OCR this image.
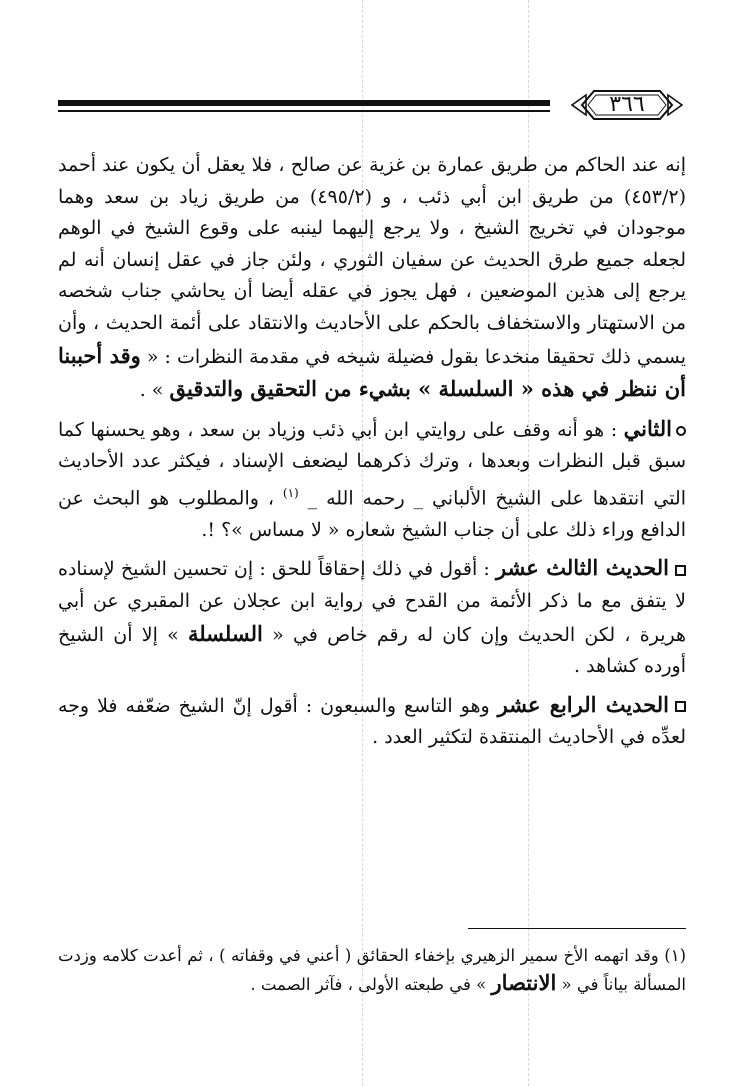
٣٦٦

إنه عند الحاكم من طريق عمارة بن غزية عن صالح ، فلا يعقل أن يكون عند أحمد (٤٥٣/٢) من طريق ابن أبي ذئب ، و (٤٩٥/٢) من طريق زياد بن سعد وهما موجودان في تخريج الشيخ ، ولا يرجع إليهما لينبه على وقوع الشيخ في الوهم لجعله جميع طرق الحديث عن سفيان الثوري ، ولئن جاز في عقل إنسان أنه لم يرجع إلى هذين الموضعين ، فهل يجوز في عقله أيضا أن يحاشي جناب شخصه من الاستهتار والاستخفاف بالحكم على الأحاديث والانتقاد على أئمة الحديث ، وأن يسمي ذلك تحقيقا منخدعا بقول فضيلة شيخه في مقدمة النظرات : « وقد أحببنا أن ننظر في هذه « السلسلة » بشيء من التحقيق والتدقيق » .

الثاني : هو أنه وقف على روايتي ابن أبي ذئب وزياد بن سعد ، وهو يحسنها كما سبق قبل النظرات وبعدها ، وترك ذكرهما ليضعف الإسناد ، فيكثر عدد الأحاديث التي انتقدها على الشيخ الألباني _ رحمه الله _ $^{(١)}$ ، والمطلوب هو البحث عن الدافع وراء ذلك على أن جناب الشيخ شعاره « لا مساس »؟ !.

الحديث الثالث عشر : أقول في ذلك إحقاقاً للحق : إن تحسين الشيخ لإسناده لا يتفق مع ما ذكر الأئمة من القدح في رواية ابن عجلان عن المقبري عن أبي هريرة ، لكن الحديث وإن كان له رقم خاص في « السلسلة » إلا أن الشيخ أورده كشاهد .

الحديث الرابع عشر وهو التاسع والسبعون : أقول إنّ الشيخ ضعّفه فلا وجه لعدِّه في الأحاديث المنتقدة لتكثير العدد .

(١) وقد اتهمه الأخ سمير الزهيري بإخفاء الحقائق ( أعني في وقفاته ) ، ثم أعدت كلامه وزدت المسألة بياناً في « الانتصار » في طبعته الأولى ، فآثر الصمت .
